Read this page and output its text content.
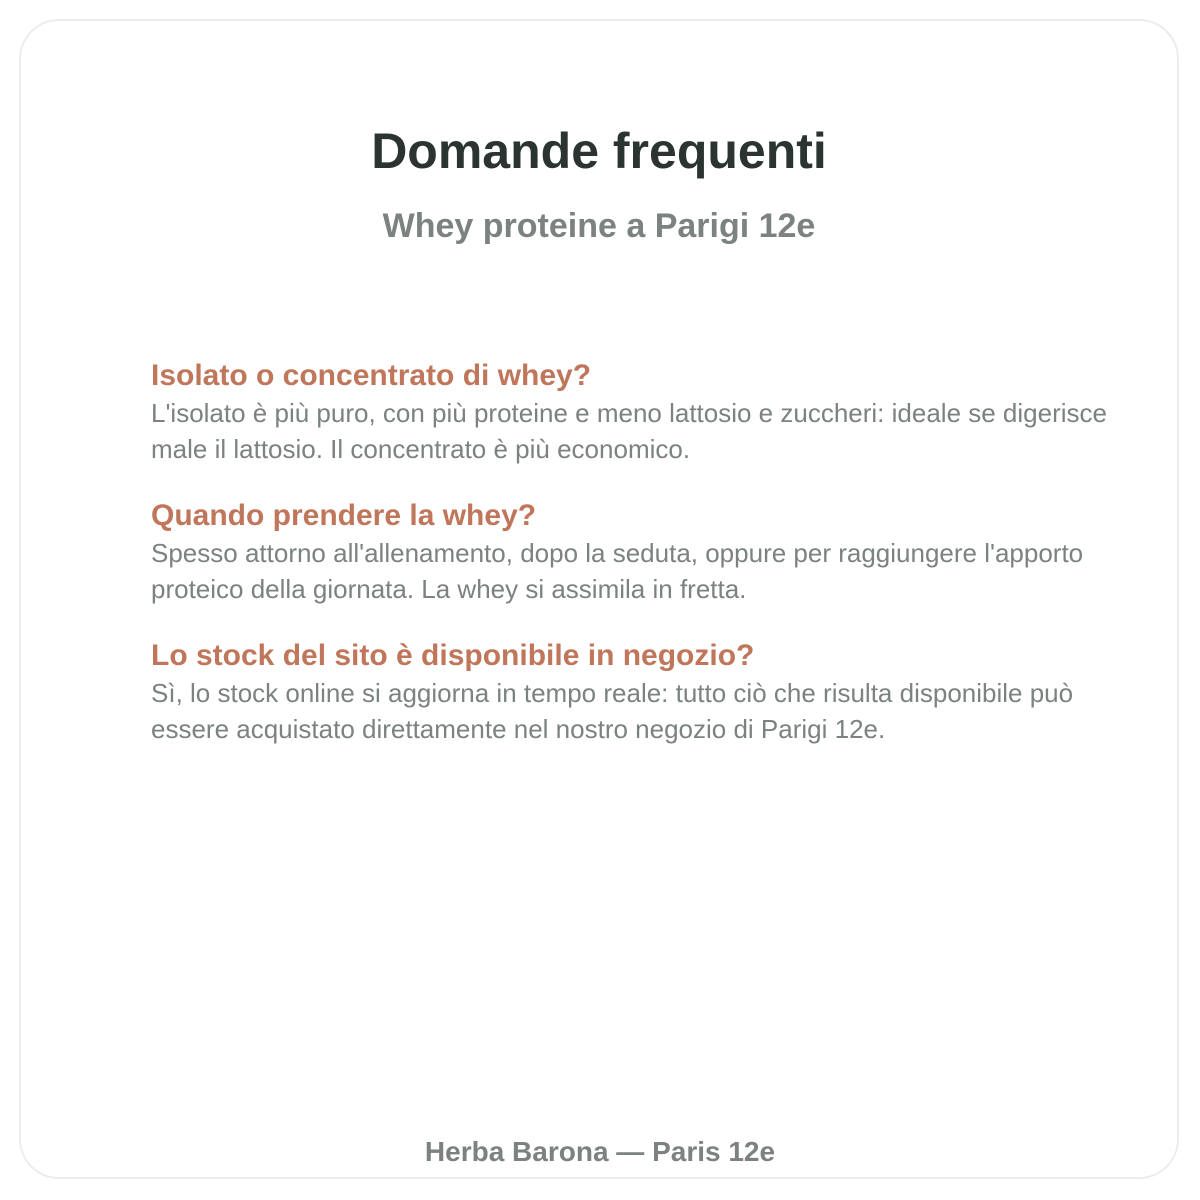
Domande frequenti
Whey proteine a Parigi 12e
Isolato o concentrato di whey?

L'isolato è più puro, con più proteine e meno lattosio e zuccheri: ideale se digerisce male il lattosio. Il concentrato è più economico.

Quando prendere la whey?

Spesso attorno all'allenamento, dopo la seduta, oppure per raggiungere l'apporto proteico della giornata. La whey si assimila in fretta.

Lo stock del sito è disponibile in negozio?

Sì, lo stock online si aggiorna in tempo reale: tutto ciò che risulta disponibile può essere acquistato direttamente nel nostro negozio di Parigi 12e.

Herba Barona — Paris 12e
